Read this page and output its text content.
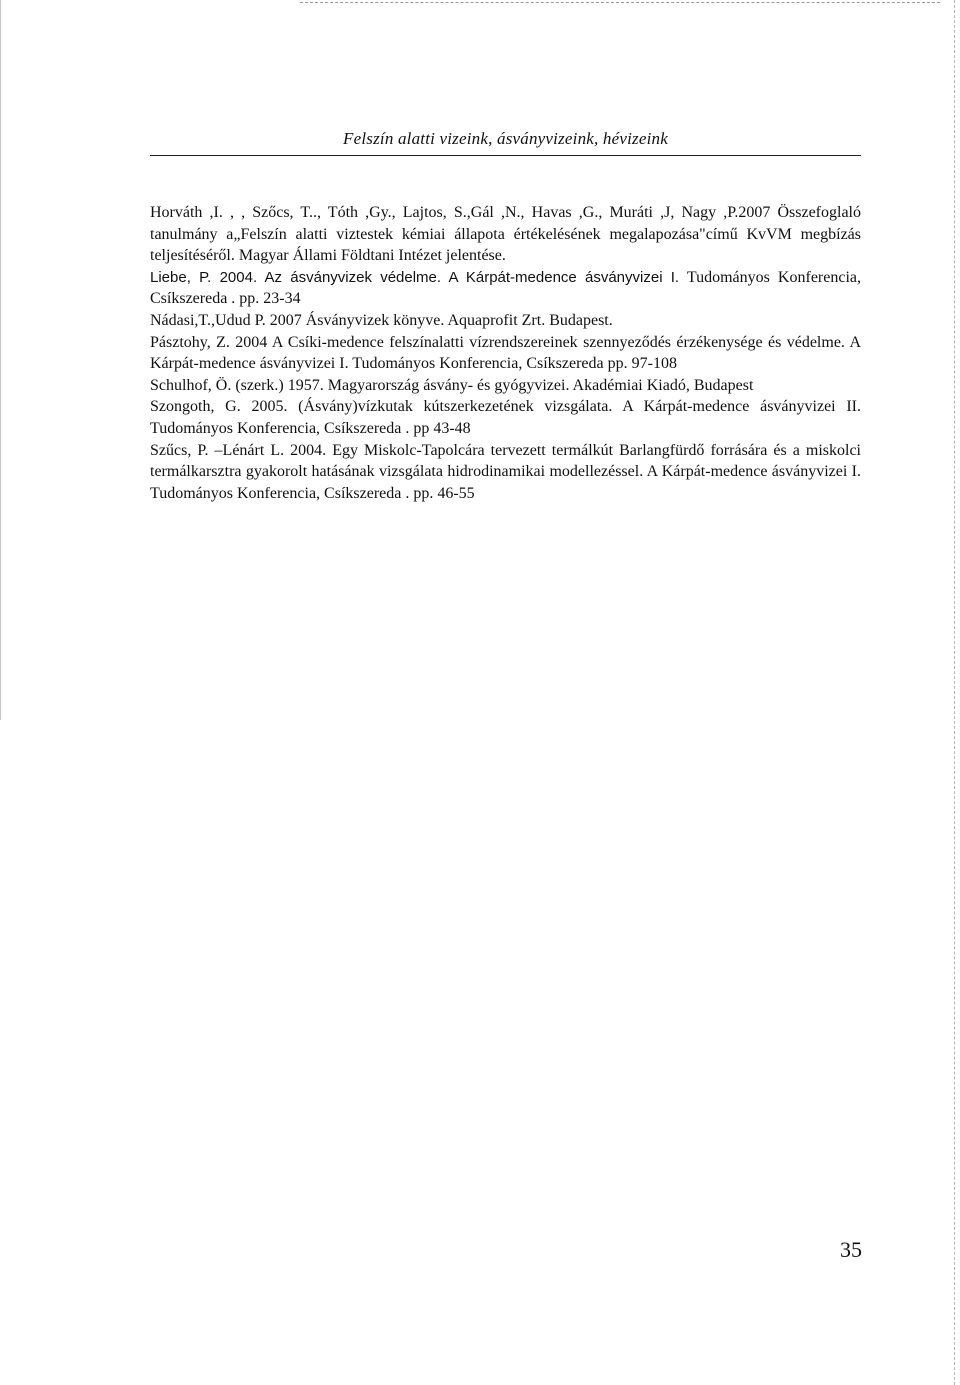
Felszín alatti vizeink, ásványvizeink, hévizeink

Horváth ,I. , , Szőcs, T.., Tóth ,Gy., Lajtos, S.,Gál ,N., Havas ,G., Muráti ,J, Nagy ,P.2007 Összefoglaló tanulmány a„Felszín alatti viztestek kémiai állapota értékelésének megalapozása"című KvVM megbízás teljesítéséről. Magyar Állami Földtani Intézet jelentése.

Liebe, P. 2004. Az ásványvizek védelme. A Kárpát-medence ásványvizei I. Tudományos Konferencia, Csíkszereda . pp. 23-34

Nádasi,T.,Udud P. 2007 Ásványvizek könyve. Aquaprofit Zrt. Budapest.

Pásztohy, Z. 2004 A Csíki-medence felszínalatti vízrendszereinek szennyeződés érzékenysége és védelme. A Kárpát-medence ásványvizei I. Tudományos Konferencia, Csíkszereda pp. 97-108

Schulhof, Ö. (szerk.) 1957. Magyarország ásvány- és gyógyvizei. Akadémiai Kiadó, Budapest

Szongoth, G. 2005. (Ásvány)vízkutak kútszerkezetének vizsgálata. A Kárpát-medence ásványvizei II. Tudományos Konferencia, Csíkszereda . pp 43-48

Szűcs, P. –Lénárt L. 2004. Egy Miskolc-Tapolcára tervezett termálkút Barlangfürdő forrására és a miskolci termálkarsztra gyakorolt hatásának vizsgálata hidrodinamikai modellezéssel. A Kárpát-medence ásványvizei I. Tudományos Konferencia, Csíkszereda . pp. 46-55

35
